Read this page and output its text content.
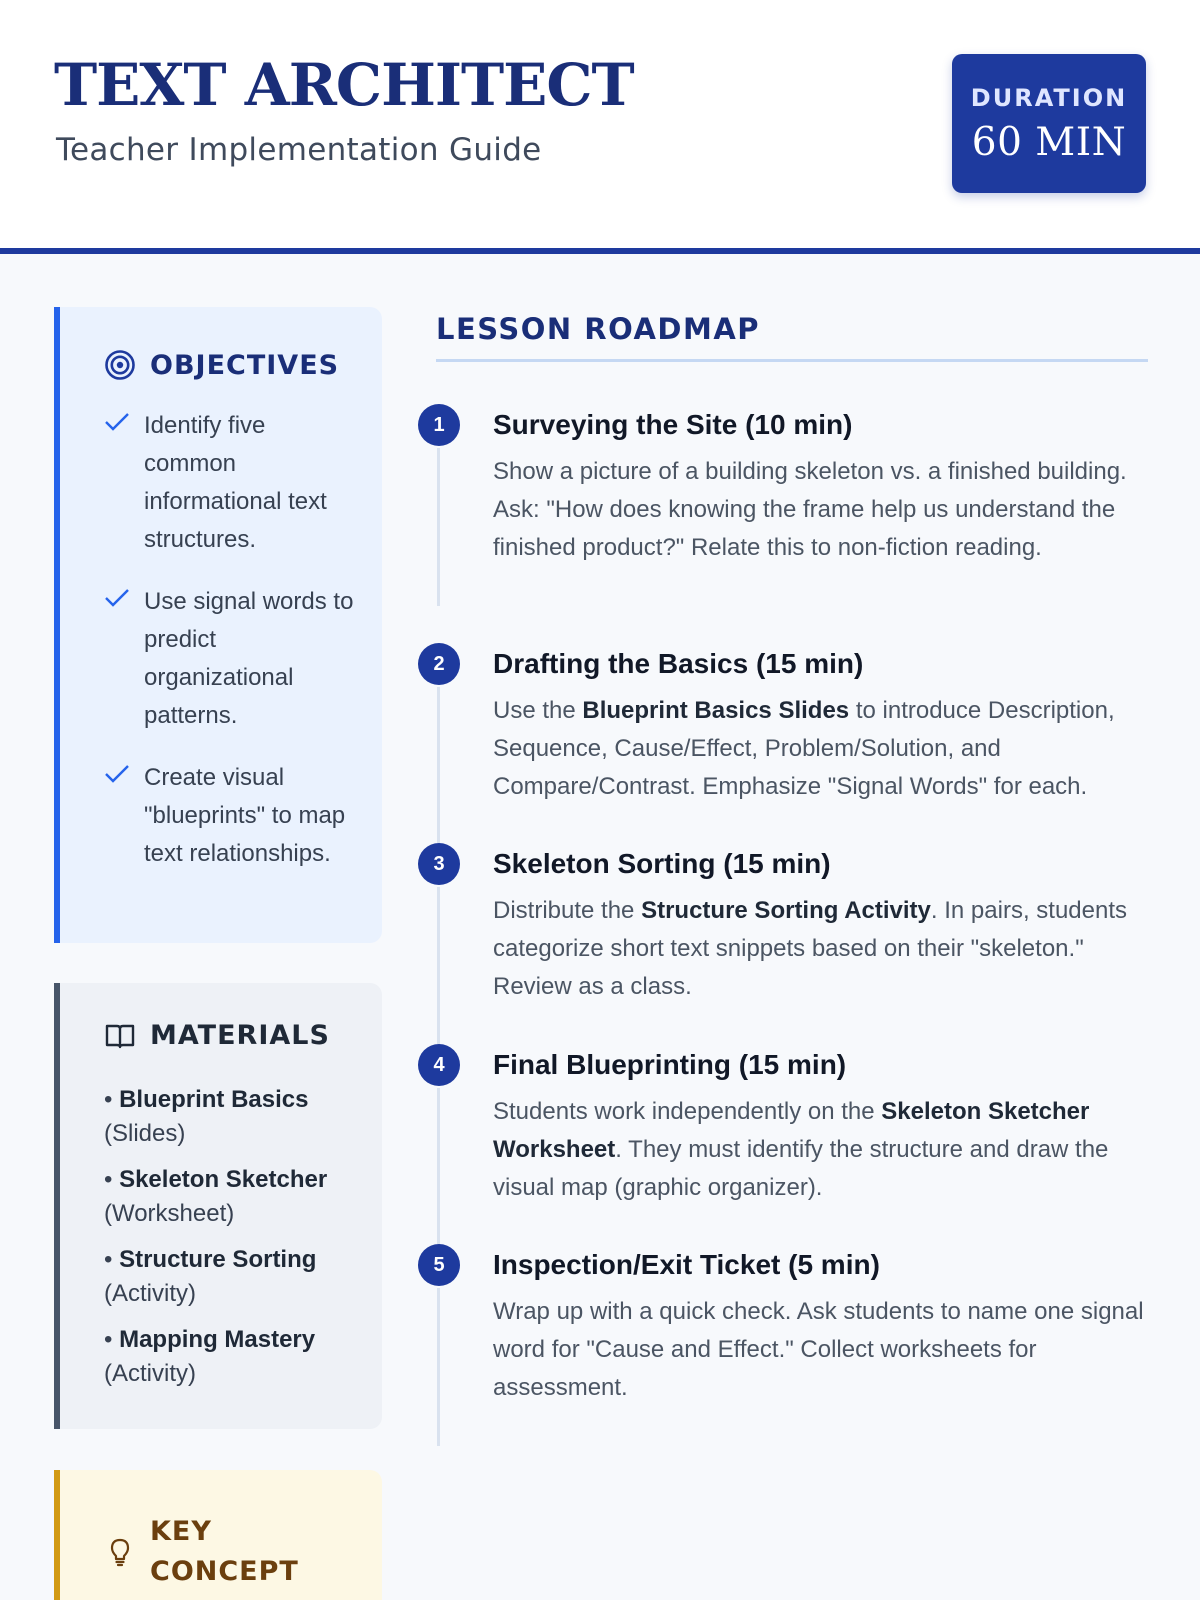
TEXT ARCHITECT
Teacher Implementation Guide
DURATION
60 MIN
OBJECTIVES
Identify five common informational text structures.
Use signal words to predict organizational patterns.
Create visual "blueprints" to map text relationships.
MATERIALS
• Blueprint Basics
(Slides)
• Skeleton Sketcher
(Worksheet)
• Structure Sorting
(Activity)
• Mapping Mastery
(Activity)
KEY CONCEPT
LESSON ROADMAP
1	Surveying the Site (10 min)
Show a picture of a building skeleton vs. a finished building. Ask: "How does knowing the frame help us understand the finished product?" Relate this to non-fiction reading.
2	Drafting the Basics (15 min)
Use the Blueprint Basics Slides to introduce Description, Sequence, Cause/Effect, Problem/Solution, and Compare/Contrast. Emphasize "Signal Words" for each.
3	Skeleton Sorting (15 min)
Distribute the Structure Sorting Activity. In pairs, students categorize short text snippets based on their "skeleton." Review as a class.
4	Final Blueprinting (15 min)
Students work independently on the Skeleton Sketcher Worksheet. They must identify the structure and draw the visual map (graphic organizer).
5	Inspection/Exit Ticket (5 min)
Wrap up with a quick check. Ask students to name one signal word for "Cause and Effect." Collect worksheets for assessment.
